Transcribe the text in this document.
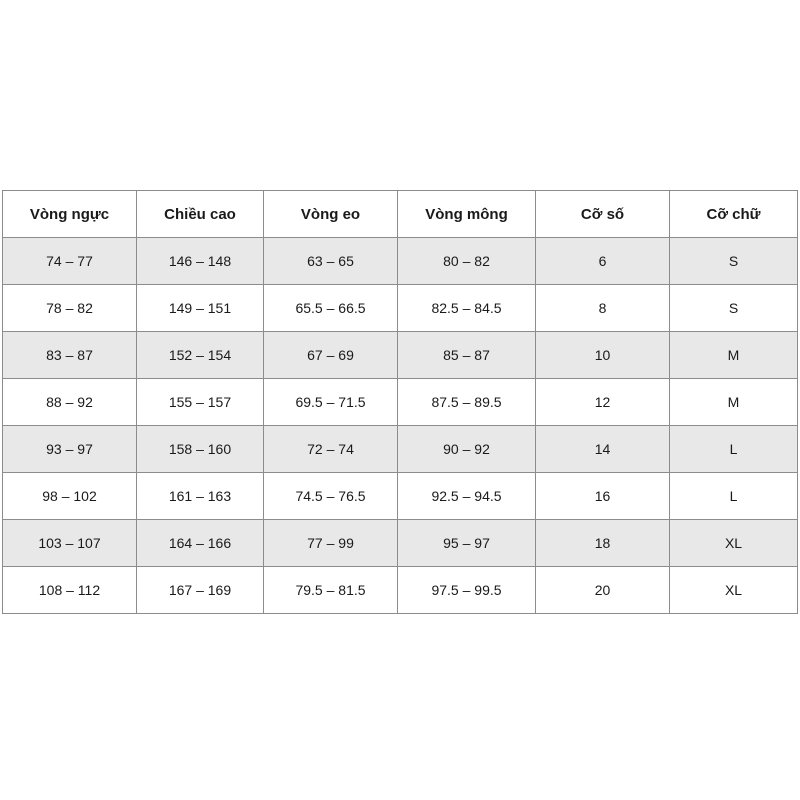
Vòng ngực	Chiều cao	Vòng eo	Vòng mông	Cỡ số	Cỡ chữ
74 – 77	146 – 148	63 – 65	80 – 82	6	S
78 – 82	149 – 151	65.5 – 66.5	82.5 – 84.5	8	S
83 – 87	152 – 154	67 – 69	85 – 87	10	M
88 – 92	155 – 157	69.5 – 71.5	87.5 – 89.5	12	M
93 – 97	158 – 160	72 – 74	90 – 92	14	L
98 – 102	161 – 163	74.5 – 76.5	92.5 – 94.5	16	L
103 – 107	164 – 166	77 – 99	95 – 97	18	XL
108 – 112	167 – 169	79.5 – 81.5	97.5 – 99.5	20	XL
